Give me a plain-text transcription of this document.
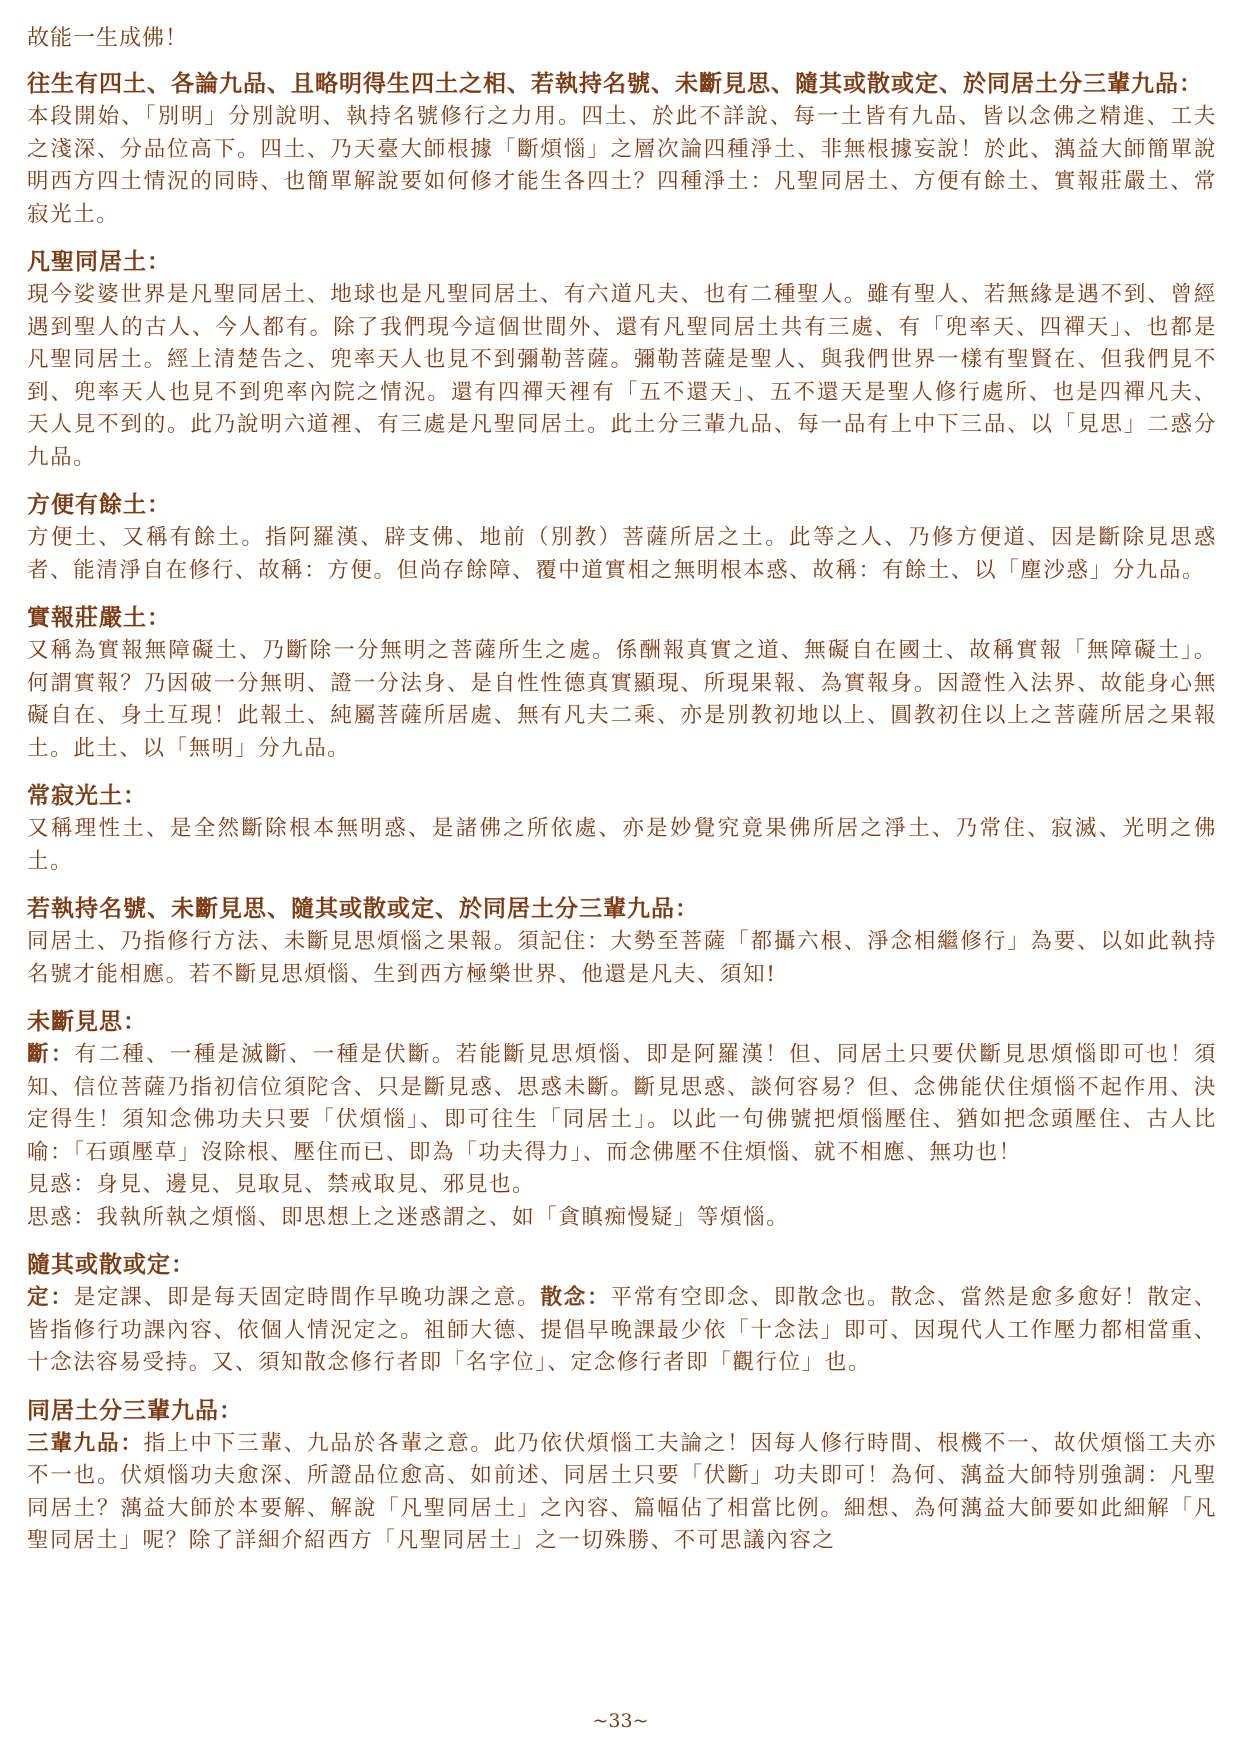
故能一生成佛！

往生有四土、各論九品、且略明得生四土之相、若執持名號、未斷見思、隨其或散或定、於同居土分三輩九品：

本段開始、「別明」分別說明、執持名號修行之力用。四土、於此不詳說、每一土皆有九品、皆以念佛之精進、工夫之淺深、分品位高下。四土、乃天臺大師根據「斷煩惱」之層次論四種淨土、非無根據妄說！於此、蕅益大師簡單說明西方四土情況的同時、也簡單解說要如何修才能生各四土？四種淨土：凡聖同居土、方便有餘土、實報莊嚴土、常寂光土。

凡聖同居土：

現今娑婆世界是凡聖同居土、地球也是凡聖同居土、有六道凡夫、也有二種聖人。雖有聖人、若無緣是遇不到、曾經遇到聖人的古人、今人都有。除了我們現今這個世間外、還有凡聖同居土共有三處、有「兜率天、四禪天」、也都是凡聖同居土。經上清楚告之、兜率天人也見不到彌勒菩薩。彌勒菩薩是聖人、與我們世界一樣有聖賢在、但我們見不到、兜率天人也見不到兜率內院之情況。還有四禪天裡有「五不還天」、五不還天是聖人修行處所、也是四禪凡夫、天人見不到的。此乃說明六道裡、有三處是凡聖同居土。此土分三輩九品、每一品有上中下三品、以「見思」二惑分九品。

方便有餘土：

方便土、又稱有餘土。指阿羅漢、辟支佛、地前（別教）菩薩所居之土。此等之人、乃修方便道、因是斷除見思惑者、能清淨自在修行、故稱：方便。但尚存餘障、覆中道實相之無明根本惑、故稱：有餘土、以「塵沙惑」分九品。

實報莊嚴土：

又稱為實報無障礙土、乃斷除一分無明之菩薩所生之處。係酬報真實之道、無礙自在國土、故稱實報「無障礙土」。何謂實報？乃因破一分無明、證一分法身、是自性性德真實顯現、所現果報、為實報身。因證性入法界、故能身心無礙自在、身土互現！此報土、純屬菩薩所居處、無有凡夫二乘、亦是別教初地以上、圓教初住以上之菩薩所居之果報土。此土、以「無明」分九品。

常寂光土：

又稱理性土、是全然斷除根本無明惑、是諸佛之所依處、亦是妙覺究竟果佛所居之淨土、乃常住、寂滅、光明之佛土。

若執持名號、未斷見思、隨其或散或定、於同居土分三輩九品：

同居土、乃指修行方法、未斷見思煩惱之果報。須記住：大勢至菩薩「都攝六根、淨念相繼修行」為要、以如此執持名號才能相應。若不斷見思煩惱、生到西方極樂世界、他還是凡夫、須知!

未斷見思：

斷：有二種、一種是滅斷、一種是伏斷。若能斷見思煩惱、即是阿羅漢！但、同居土只要伏斷見思煩惱即可也！須知、信位菩薩乃指初信位須陀含、只是斷見惑、思惑未斷。斷見思惑、談何容易？但、念佛能伏住煩惱不起作用、決定得生！須知念佛功夫只要「伏煩惱」、即可往生「同居土」。以此一句佛號把煩惱壓住、猶如把念頭壓住、古人比喻：「石頭壓草」沒除根、壓住而已、即為「功夫得力」、而念佛壓不住煩惱、就不相應、無功也！

見惑：身見、邊見、見取見、禁戒取見、邪見也。

思惑：我執所執之煩惱、即思想上之迷惑謂之、如「貪瞋痴慢疑」等煩惱。

隨其或散或定：

定：是定課、即是每天固定時間作早晚功課之意。散念：平常有空即念、即散念也。散念、當然是愈多愈好！散定、皆指修行功課內容、依個人情況定之。祖師大德、提倡早晚課最少依「十念法」即可、因現代人工作壓力都相當重、十念法容易受持。又、須知散念修行者即「名字位」、定念修行者即「觀行位」也。

同居土分三輩九品：

三輩九品：指上中下三輩、九品於各輩之意。此乃依伏煩惱工夫論之！因每人修行時間、根機不一、故伏煩惱工夫亦不一也。伏煩惱功夫愈深、所證品位愈高、如前述、同居土只要「伏斷」功夫即可！為何、蕅益大師特別強調：凡聖同居土？蕅益大師於本要解、解說「凡聖同居土」之內容、篇幅佔了相當比例。細想、為何蕅益大師要如此細解「凡聖同居土」呢？除了詳細介紹西方「凡聖同居土」之一切殊勝、不可思議內容之

~33~
